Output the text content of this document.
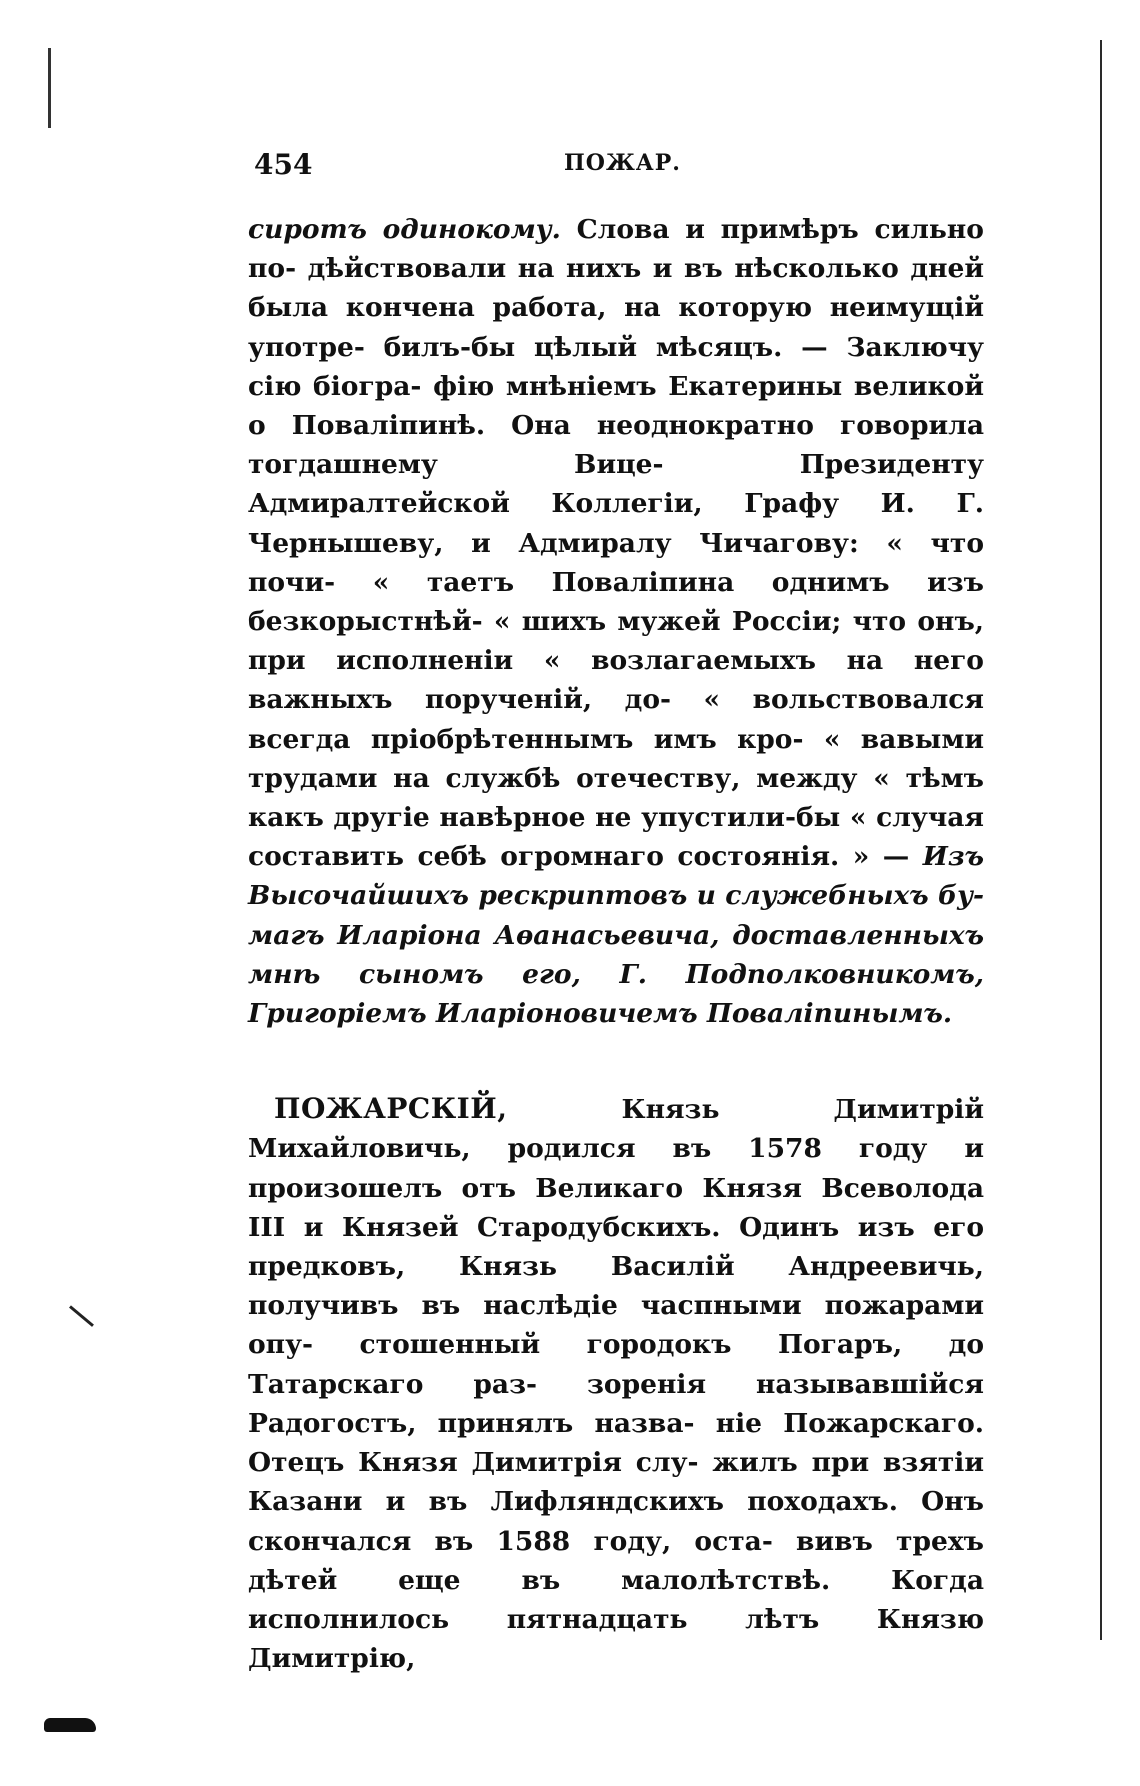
454	ПОЖАР.

сиротъ одинокому. Слова и примѣръ сильно по- дѣйствовали на нихъ и въ нѣсколько дней была кончена работа, на которую неимущій употре- билъ-бы цѣлый мѣсяцъ. — Заключу сію біогра- фію мнѣніемъ Екатерины великой о Поваліпинѣ. Она неоднократно говорила тогдашнему Вице- Президенту Адмиралтейской Коллегіи, Графу И. Г. Чернышеву, и Адмиралу Чичагову: « что почи- « таетъ Поваліпина однимъ изъ безкорыстнѣй- « шихъ мужей Россіи; что онъ, при исполненіи « возлагаемыхъ на него важныхъ порученій, до- « вольствовался всегда пріобрѣтеннымъ имъ кро- « вавыми трудами на службѣ отечеству, между « тѣмъ какъ другіе навѣрное не упустили-бы « случая составить себѣ огромнаго состоянія. » — Изъ Высочайшихъ рескриптовъ и служебныхъ бу- магъ Иларіона Аѳанасьевича, доставленныхъ мнѣ сыномъ его, Г. Подполковникомъ, Григоріемъ Иларіоновичемъ Поваліпинымъ.

ПОЖАРСКІЙ, Князь Димитрій Михайловичь, родился въ 1578 году и произошелъ отъ Великаго Князя Всеволода III и Князей Стародубскихъ. Одинъ изъ его предковъ, Князь Василій Андреевичь, получивъ въ наслѣдіе часпными пожарами опу- стошенный городокъ Погаръ, до Татарскаго раз- зоренія называвшійся Радогостъ, принялъ назва- ніе Пожарскаго. Отецъ Князя Димитрія слу- жилъ при взятіи Казани и въ Лифляндскихъ походахъ. Онъ скончался въ 1588 году, оста- вивъ трехъ дѣтей еще въ малолѣтствѣ. Когда исполнилось пятнадцать лѣтъ Князю Димитрію,
